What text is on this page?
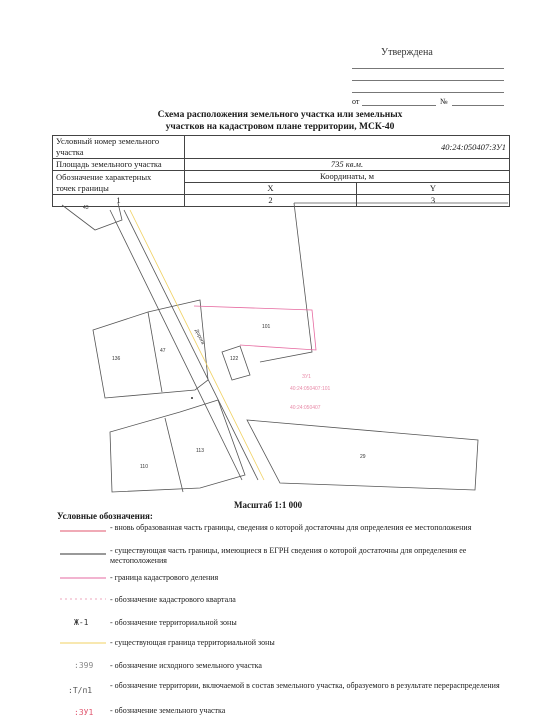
Утверждена
от	№
Схема расположения земельного участка или земельных
участков на кадастровом плане территории, МСК-40
Условный номер земельного участка	40:24:050407:ЗУ1	
Площадь земельного участка	735 кв.м.	
Обозначение характерных
точек границы	Координаты, м	
	X	Y
1	2	3
43
136
47
122
110
113
101
29
Дорога
ЗУ1
40:24:050407:101
40:24:050407
Масштаб 1:1 000
Условные обозначения:
- вновь образованная часть границы, сведения о которой достаточны для определения ее местоположения
- существующая часть границы, имеющиеся в ЕГРН сведения о которой достаточны для определения ее местоположения
- граница кадастрового деления
- обозначение кадастрового квартала
Ж-1	- обозначение территориальной зоны
- существующая граница территориальной зоны
:399 - обозначение исходного земельного участка
:Т/п1
- обозначение территории, включаемой в состав земельного участка, образуемого в результате перераспределения
:ЗУ1 - обозначение земельного участка
